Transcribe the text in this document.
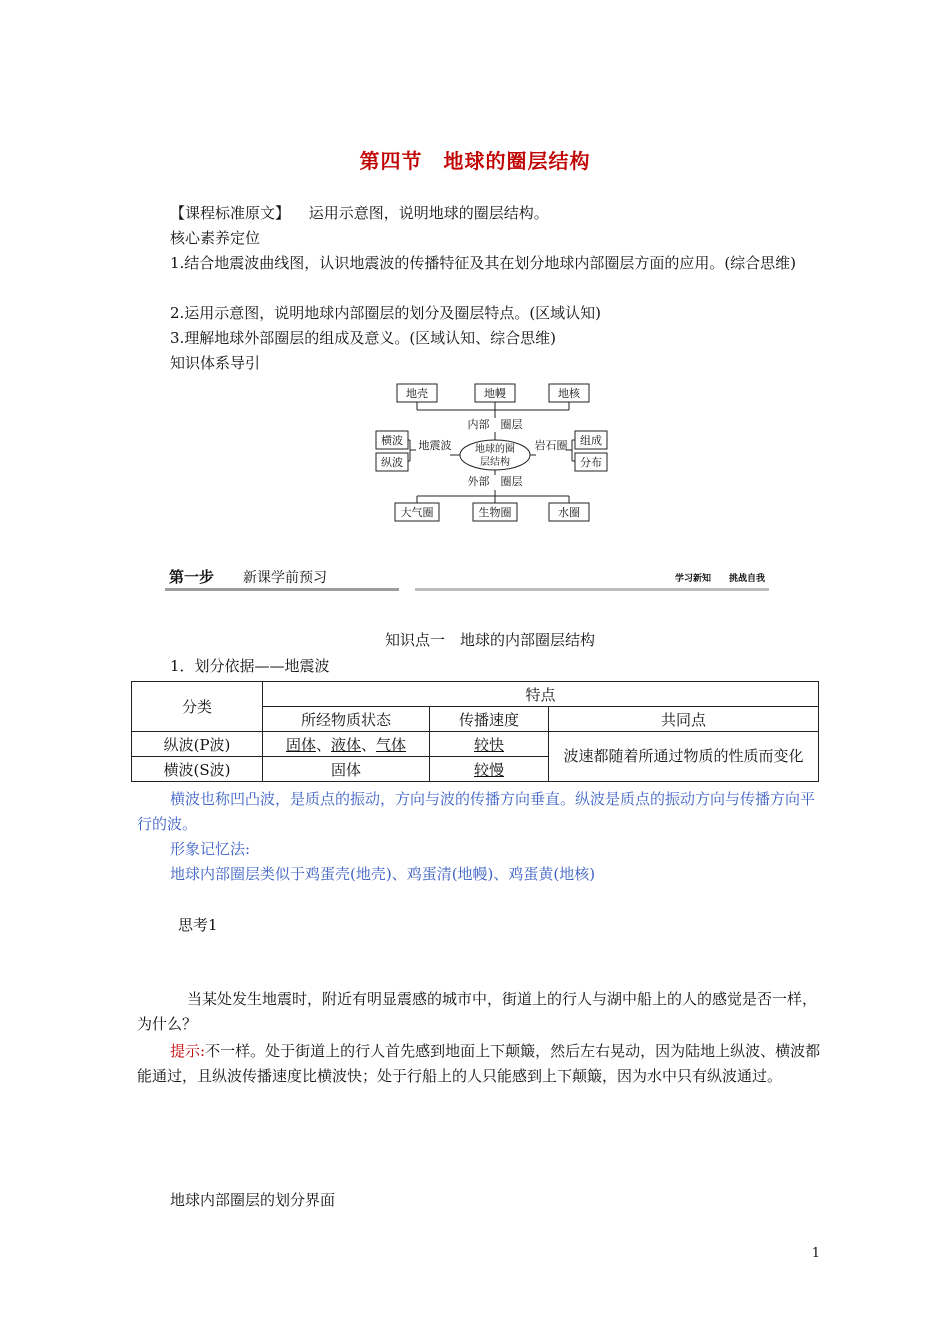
第四节　地球的圈层结构
【课程标准原文】 运用示意图，说明地球的圈层结构。
核心素养定位
1.结合地震波曲线图，认识地震波的传播特征及其在划分地球内部圈层方面的应用。(综合思维)
2.运用示意图，说明地球内部圈层的划分及圈层特点。(区域认知)
3.理解地球外部圈层的组成及意义。(区域认知、综合思维)
知识体系导引
地壳	地幔	地核
大气圈	生物圈	水圈
横波
纵波
组成
分布
内部　圈层
外部　圈层
地震波	岩石圈
地球的圈
层结构
第一步 新课学前预习	学习新知　　挑战自我
知识点一　地球的内部圈层结构
1．划分依据——地震波
分类	特点		
	所经物质状态	传播速度	共同点
纵波(P波)	固体、液体、气体	较快	波速都随着所通过物质的性质而变化
横波(S波)	固体	较慢	
横波也称凹凸波，是质点的振动，方向与波的传播方向垂直。纵波是质点的振动方向与传播方向平行的波。
形象记忆法:
地球内部圈层类似于鸡蛋壳(地壳)、鸡蛋清(地幔)、鸡蛋黄(地核)
思考1
当某处发生地震时，附近有明显震感的城市中，街道上的行人与湖中船上的人的感觉是否一样，为什么？
提示:不一样。处于街道上的行人首先感到地面上下颠簸，然后左右晃动，因为陆地上纵波、横波都能通过，且纵波传播速度比横波快；处于行船上的人只能感到上下颠簸，因为水中只有纵波通过。
地球内部圈层的划分界面
1
